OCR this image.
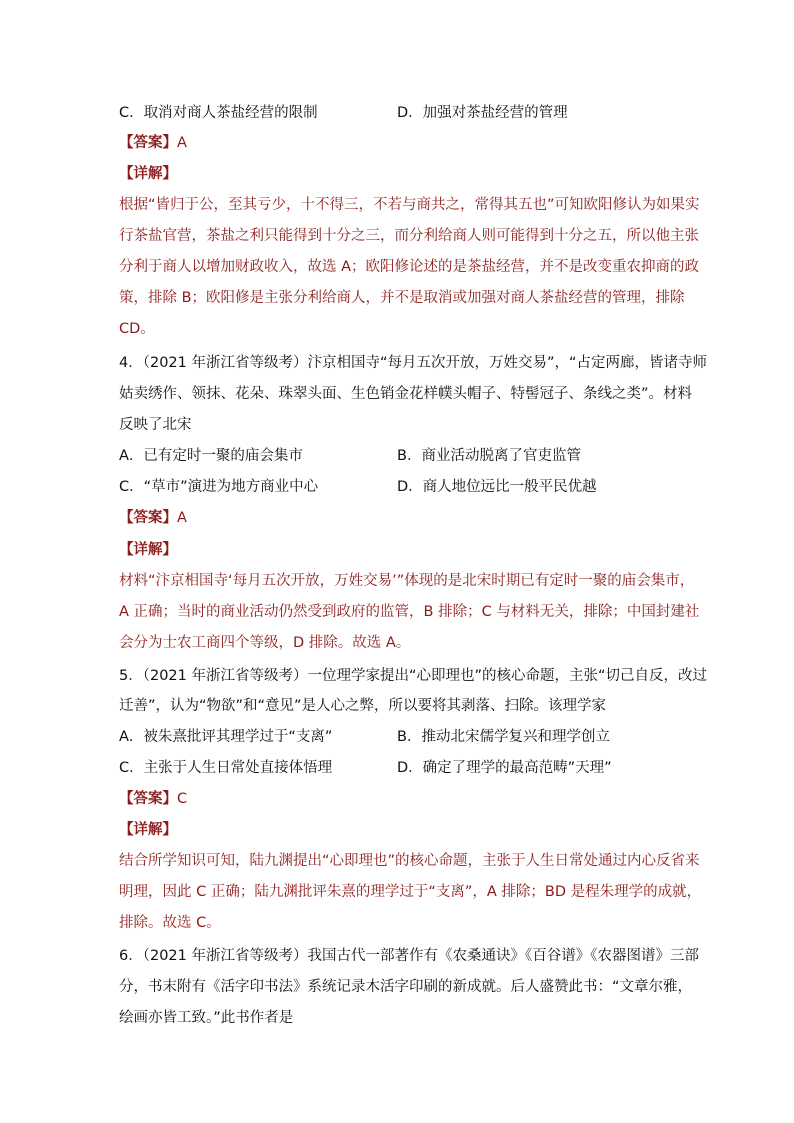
C．取消对商人茶盐经营的限制	D．加强对茶盐经营的管理
【答案】A
【详解】
根据“皆归于公，至其亏少，十不得三，不若与商共之，常得其五也”可知欧阳修认为如果实
行茶盐官营，茶盐之利只能得到十分之三，而分利给商人则可能得到十分之五，所以他主张
分利于商人以增加财政收入，故选 A；欧阳修论述的是茶盐经营，并不是改变重农抑商的政
策，排除 B；欧阳修是主张分利给商人，并不是取消或加强对商人茶盐经营的管理，排除
CD。
4．（2021 年浙江省等级考）汴京相国寺“每月五次开放，万姓交易”，“占定两廊，皆诸寺师
姑卖绣作、领抹、花朵、珠翠头面、生色销金花样幞头帽子、特髻冠子、条线之类”。材料
反映了北宋
A．已有定时一聚的庙会集市	B．商业活动脱离了官吏监管
C．“草市”演进为地方商业中心	D．商人地位远比一般平民优越
【答案】A
【详解】
材料“汴京相国寺‘每月五次开放，万姓交易’”体现的是北宋时期已有定时一聚的庙会集市，
A 正确；当时的商业活动仍然受到政府的监管，B 排除；C 与材料无关，排除；中国封建社
会分为士农工商四个等级，D 排除。故选 A。
5．（2021 年浙江省等级考）一位理学家提出“心即理也”的核心命题，主张“切己自反，改过
迁善”，认为“物欲”和“意见”是人心之弊，所以要将其剥落、扫除。该理学家
A．被朱熹批评其理学过于“支离”	B．推动北宋儒学复兴和理学创立
C．主张于人生日常处直接体悟理	D．确定了理学的最高范畴”天理”
【答案】C
【详解】
结合所学知识可知，陆九渊提出“心即理也”的核心命题，主张于人生日常处通过内心反省来
明理，因此 C 正确；陆九渊批评朱熹的理学过于“支离”，A 排除；BD 是程朱理学的成就，
排除。故选 C。
6．（2021 年浙江省等级考）我国古代一部著作有《农桑通诀》《百谷谱》《农器图谱》三部
分，书末附有《活字印书法》系统记录木活字印刷的新成就。后人盛赞此书：“文章尔雅，
绘画亦皆工致。”此书作者是
